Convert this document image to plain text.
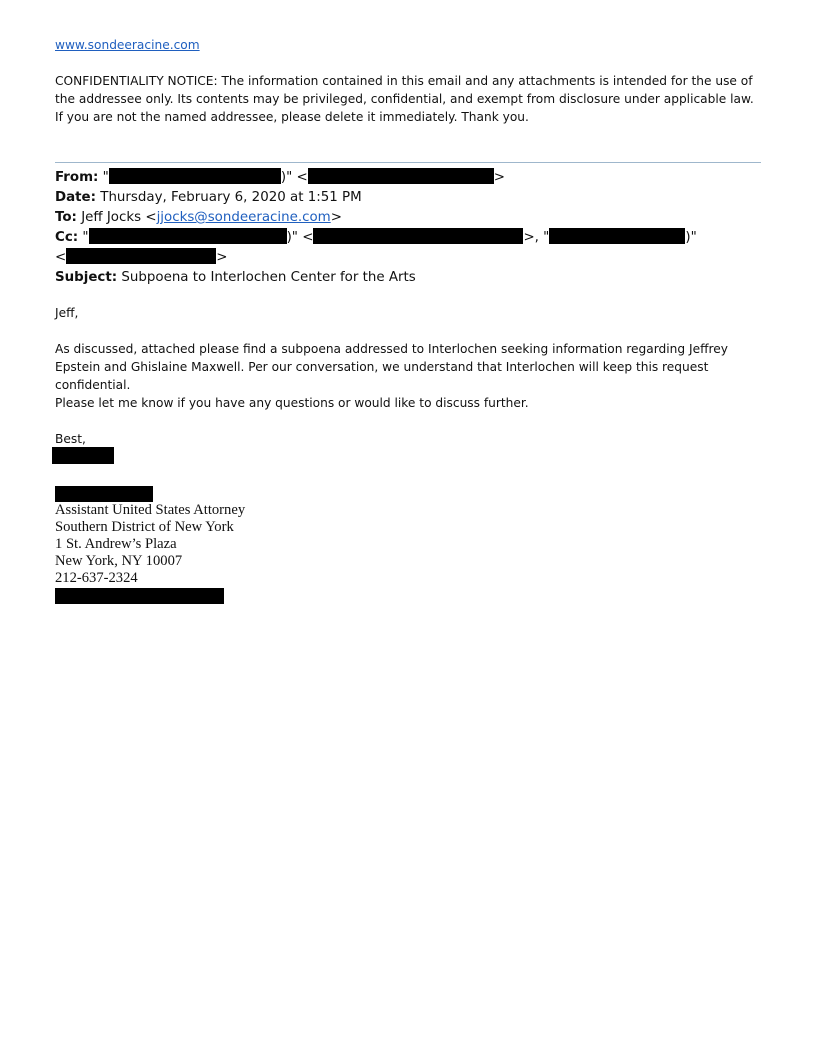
www.sondeeracine.com
CONFIDENTIALITY NOTICE: The information contained in this email and any attachments is intended for the use of the addressee only. Its contents may be privileged, confidential, and exempt from disclosure under applicable law. If you are not the named addressee, please delete it immediately. Thank you.
From: "	)" <	>
Date: Thursday, February 6, 2020 at 1:51 PM
To: Jeff Jocks <jjocks@sondeeracine.com>
Cc: "	)" <	>, "	)"
<	>
Subject: Subpoena to Interlochen Center for the Arts
Jeff,
As discussed, attached please find a subpoena addressed to Interlochen seeking information regarding Jeffrey Epstein and Ghislaine Maxwell. Per our conversation, we understand that Interlochen will keep this request confidential.
Please let me know if you have any questions or would like to discuss further.
Best,
Assistant United States Attorney
Southern District of New York
1 St. Andrew’s Plaza
New York, NY 10007
212-637-2324
